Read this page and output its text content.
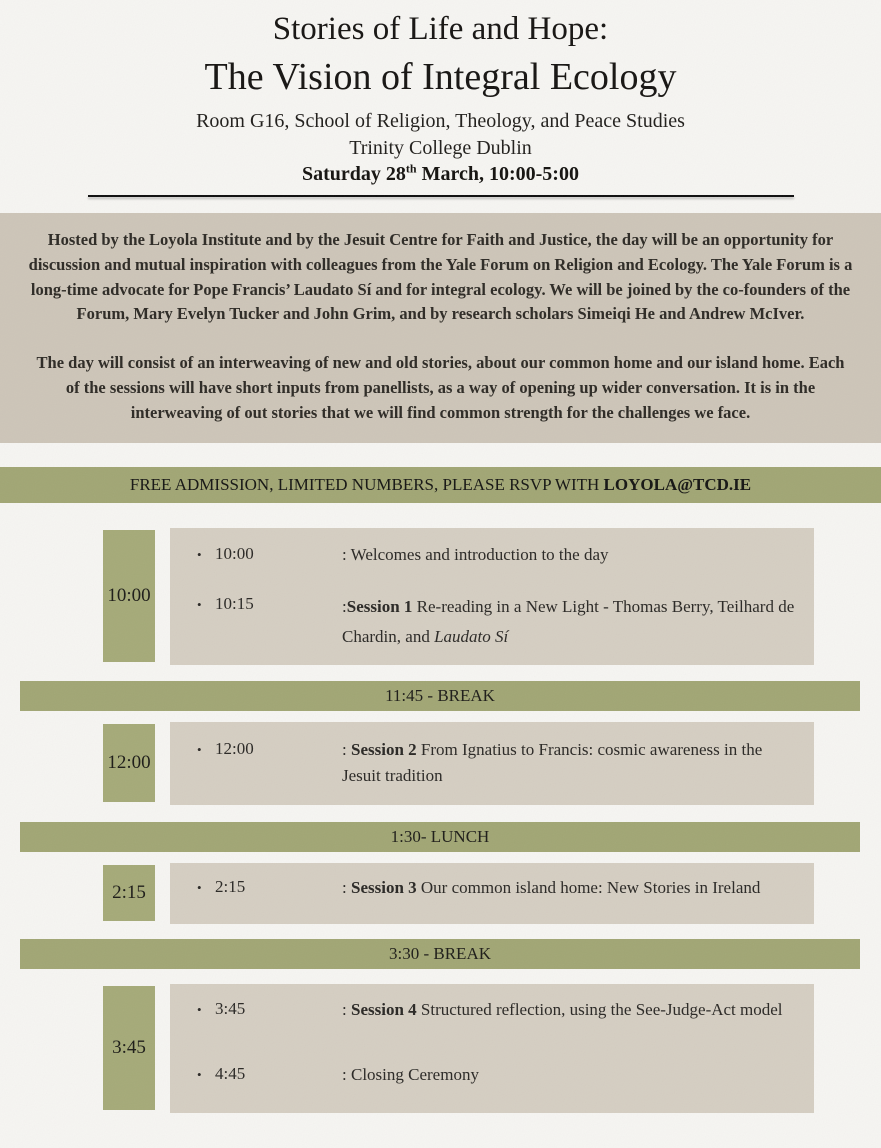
Stories of Life and Hope:
The Vision of Integral Ecology
Room G16, School of Religion, Theology, and Peace Studies
Trinity College Dublin
Saturday 28th March, 10:00-5:00

Hosted by the Loyola Institute and by the Jesuit Centre for Faith and Justice, the day will be an opportunity for discussion and mutual inspiration with colleagues from the Yale Forum on Religion and Ecology. The Yale Forum is a long-time advocate for Pope Francis’ Laudato Sí and for integral ecology. We will be joined by the co-founders of the Forum, Mary Evelyn Tucker and John Grim, and by research scholars Simeiqi He and Andrew McIver.

The day will consist of an interweaving of new and old stories, about our common home and our island home. Each of the sessions will have short inputs from panellists, as a way of opening up wider conversation. It is in the interweaving of out stories that we will find common strength for the challenges we face.

FREE ADMISSION, LIMITED NUMBERS, PLEASE RSVP WITH LOYOLA@TCD.IE
10:00
• 10:00	: Welcomes and introduction to the day
• 10:15	:Session 1 Re-reading in a New Light - Thomas Berry, Teilhard de Chardin, and Laudato Sí
11:45 - BREAK
12:00
• 12:00	: Session 2 From Ignatius to Francis: cosmic awareness in the Jesuit tradition
1:30- LUNCH
2:15	• 2:15	: Session 3 Our common island home: New Stories in Ireland
3:30 - BREAK
3:45
• 3:45	: Session 4 Structured reflection, using the See-Judge-Act model
• 4:45	: Closing Ceremony
